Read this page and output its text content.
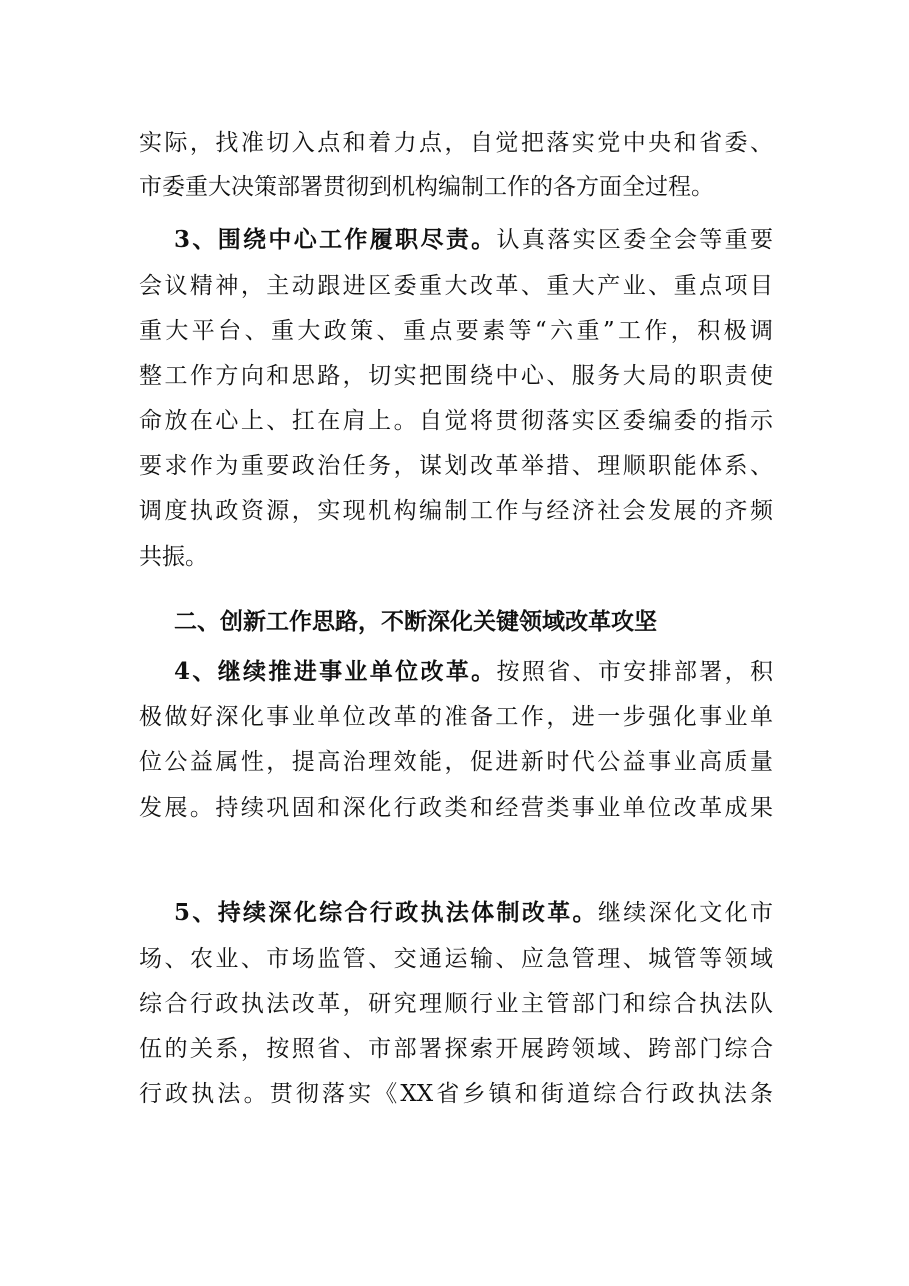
实际，找准切入点和着力点，自觉把落实党中央和省委、
市委重大决策部署贯彻到机构编制工作的各方面全过程。
3、围绕中心工作履职尽责。认真落实区委全会等重要
会议精神，主动跟进区委重大改革、重大产业、重点项目
重大平台、重大政策、重点要素等“六重”工作，积极调
整工作方向和思路，切实把围绕中心、服务大局的职责使
命放在心上、扛在肩上。自觉将贯彻落实区委编委的指示
要求作为重要政治任务，谋划改革举措、理顺职能体系、
调度执政资源，实现机构编制工作与经济社会发展的齐频
共振。
二、创新工作思路，不断深化关键领域改革攻坚
4、继续推进事业单位改革。按照省、市安排部署，积
极做好深化事业单位改革的准备工作，进一步强化事业单
位公益属性，提高治理效能，促进新时代公益事业高质量
发展。持续巩固和深化行政类和经营类事业单位改革成果
5、持续深化综合行政执法体制改革。继续深化文化市
场、农业、市场监管、交通运输、应急管理、城管等领域
综合行政执法改革，研究理顺行业主管部门和综合执法队
伍的关系，按照省、市部署探索开展跨领域、跨部门综合
行政执法。贯彻落实《XX省乡镇和街道综合行政执法条
